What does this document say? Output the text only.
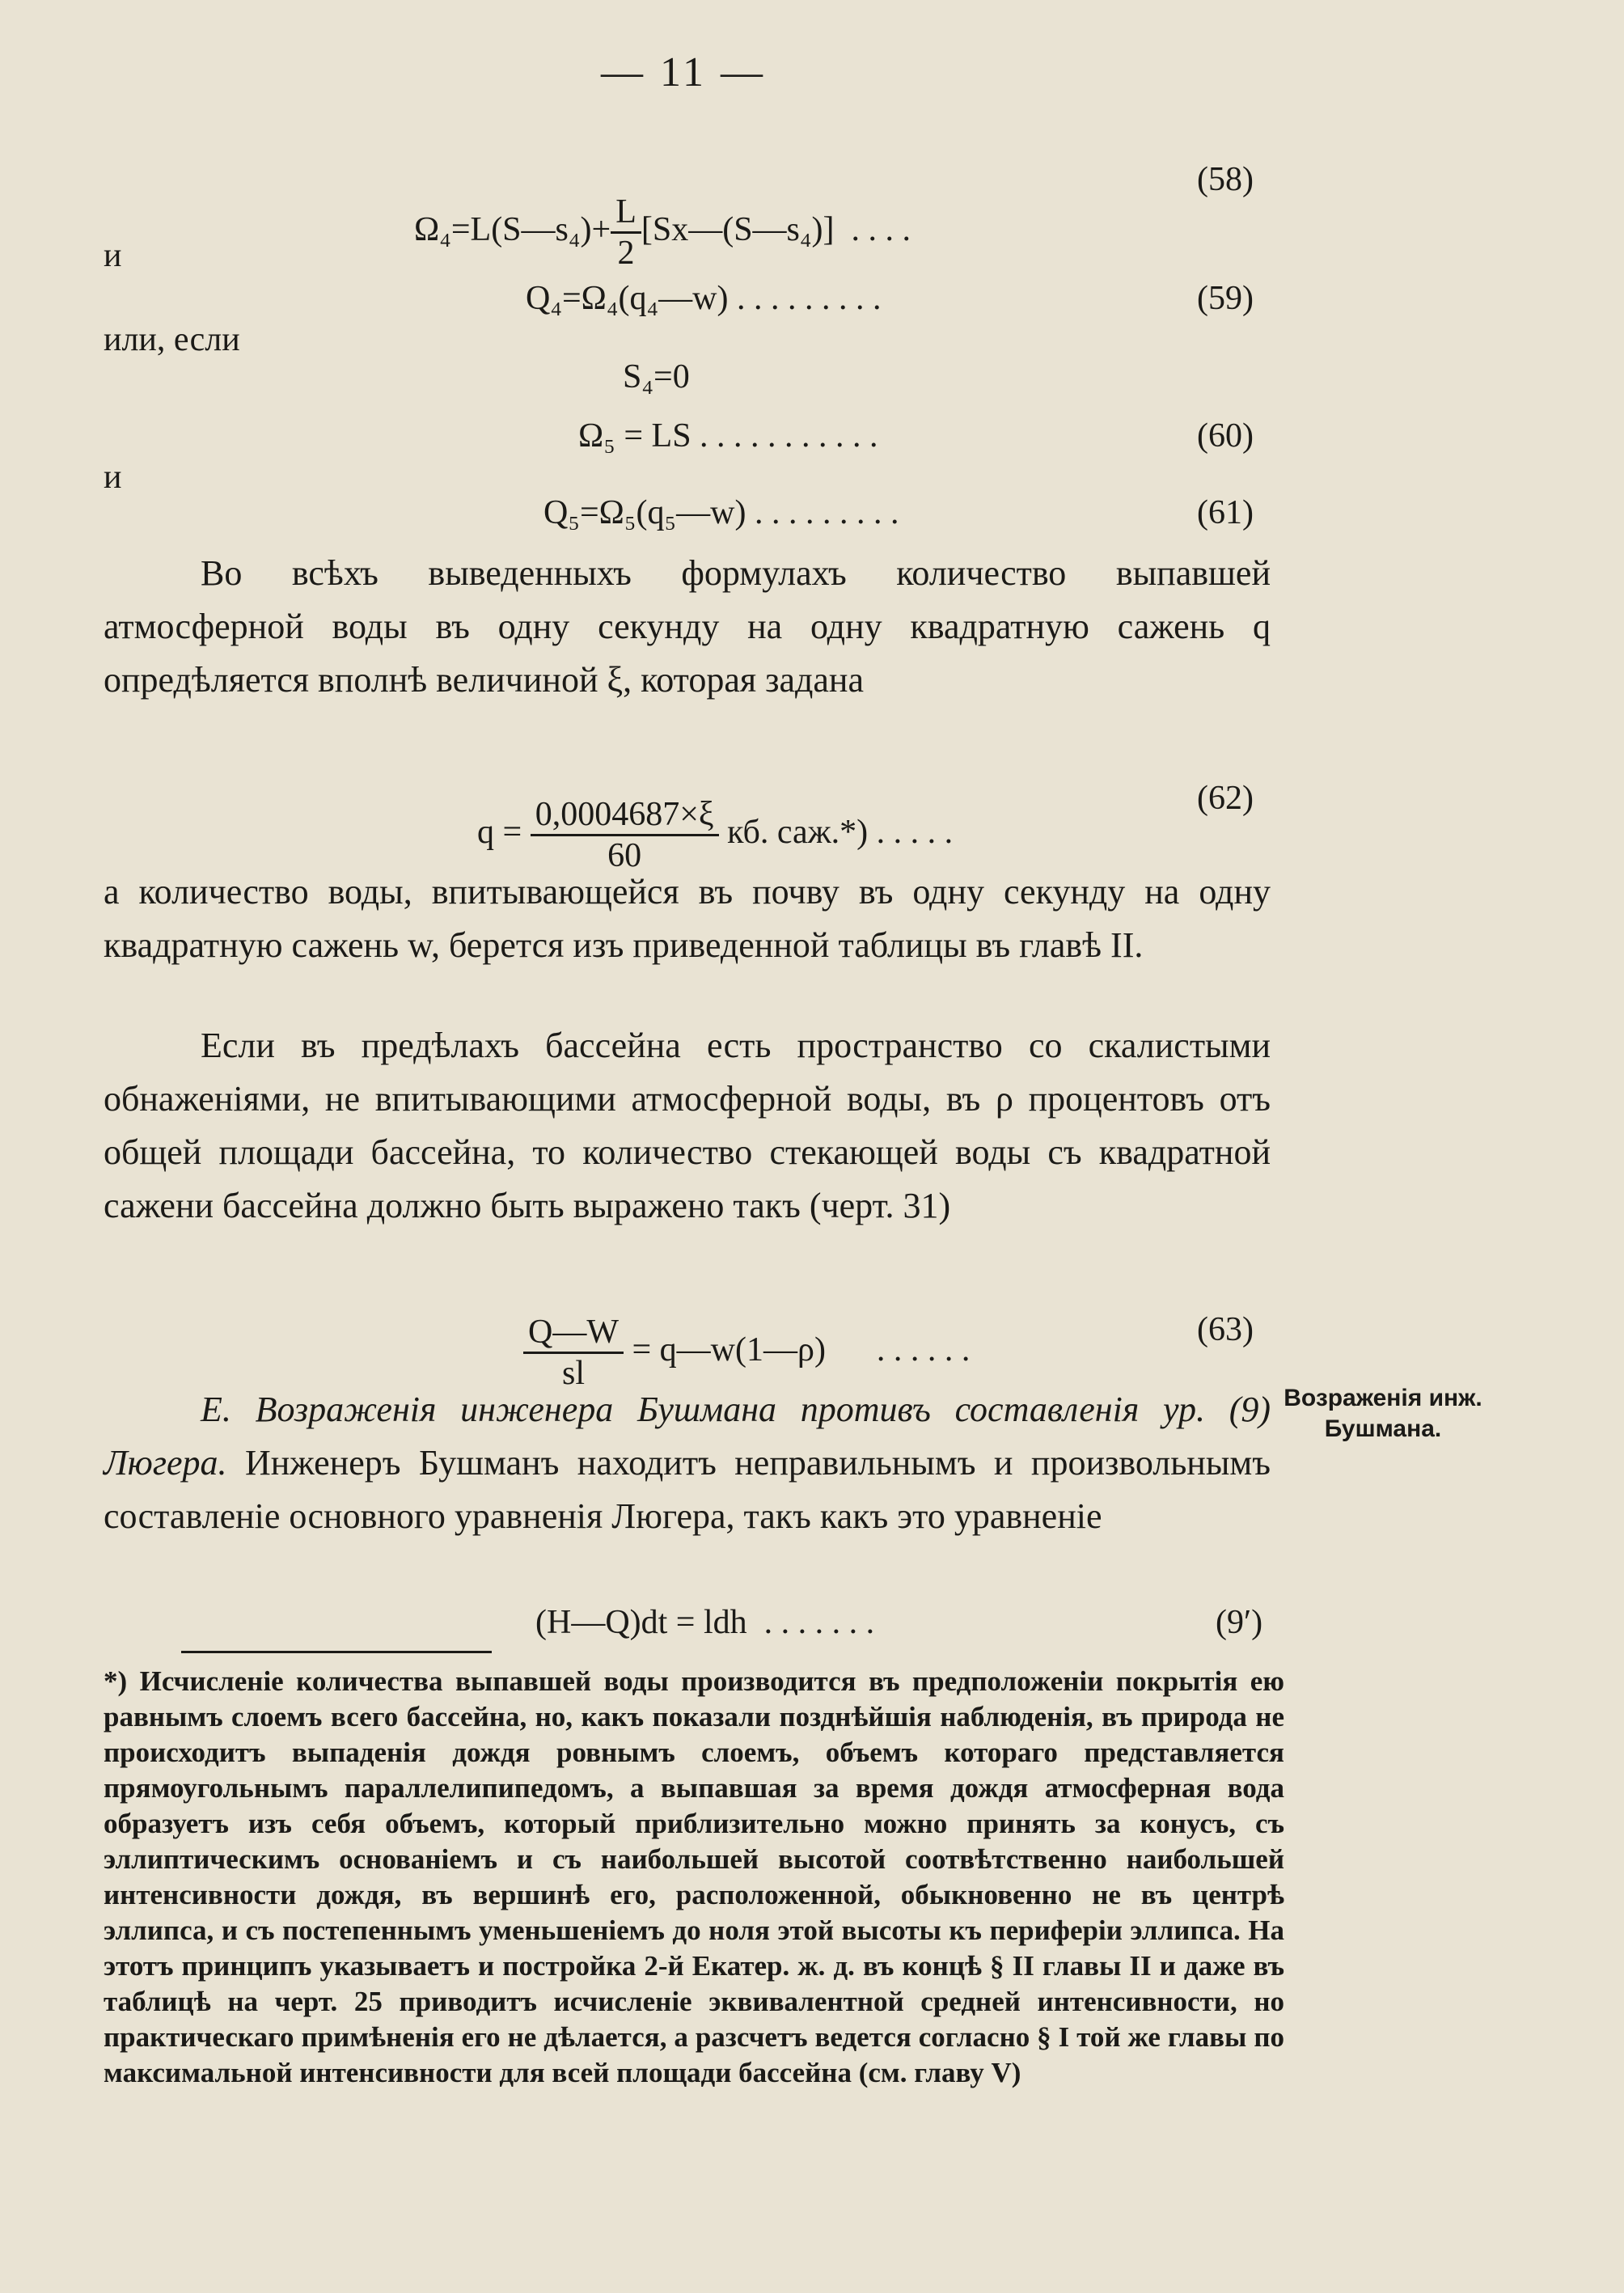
— 11 —

Ω₄=L(S—s₄)+ $\frac{L}{2}$ [Sx—(S—s₄)]  . . . .

(58)
и
Q₄=Ω₄(q₄—w) . . . . . . . . .	(59)
или, если
S₄=0
Ω₅ = LS . . . . . . . . . . .	(60)
и
Q₅=Ω₅(q₅—w) . . . . . . . . .	(61)

Во всѣхъ выведенныхъ формулахъ количество выпавшей атмосферной воды въ одну секунду на одну квадратную сажень q опредѣляется вполнѣ величиной ξ, которая задана

$q = \frac{0,0004687\times\xi}{60}$ кб. саж.*) . . . . .

(62)

а количество воды, впитывающейся въ почву въ одну секунду на одну квадратную сажень w, берется изъ приведенной таблицы въ главѣ II.

Если въ предѣлахъ бассейна есть пространство со скалистыми обнаженіями, не впитывающими атмосферной воды, въ ρ процентовъ отъ общей площади бассейна, то количество стекающей воды съ квадратной сажени бассейна должно быть выражено такъ (черт. 31)

$\frac{Q—W}{sl}$ = q—w(1—ρ)      . . . . . .

(63)

Е. Возраженія инженера Бушмана противъ составленія ур. (9) Люгера. Инженеръ Бушманъ находитъ неправильнымъ и произвольнымъ составленіе основного уравненія Люгера, такъ какъ это уравненіе

Возраженія инж. Бушмана.
(H—Q)dt = ldh  . . . . . . .	(9′)
*) Исчисленіе количества выпавшей воды производится въ предположеніи покрытія ею равнымъ слоемъ всего бассейна, но, какъ показали позднѣйшія наблюденія, въ природа не происходитъ выпаденія дождя ровнымъ слоемъ, объемъ котораго представляется прямоугольнымъ параллелипипедомъ, а выпавшая за время дождя атмосферная вода образуетъ изъ себя объемъ, который приблизительно можно принять за конусъ, съ эллиптическимъ основаніемъ и съ наибольшей высотой соотвѣтственно наибольшей интенсивности дождя, въ вершинѣ его, расположенной, обыкновенно не въ центрѣ эллипса, и съ постепеннымъ уменьшеніемъ до ноля этой высоты къ периферіи эллипса. На этотъ принципъ указываетъ и постройка 2-й Екатер. ж. д. въ концѣ § II главы II и даже въ таблицѣ на черт. 25 приводитъ исчисленіе эквивалентной средней интенсивности, но практическаго примѣненія его не дѣлается, а разсчетъ ведется согласно § I той же главы по максимальной интенсивности для всей площади бассейна (см. главу V)
